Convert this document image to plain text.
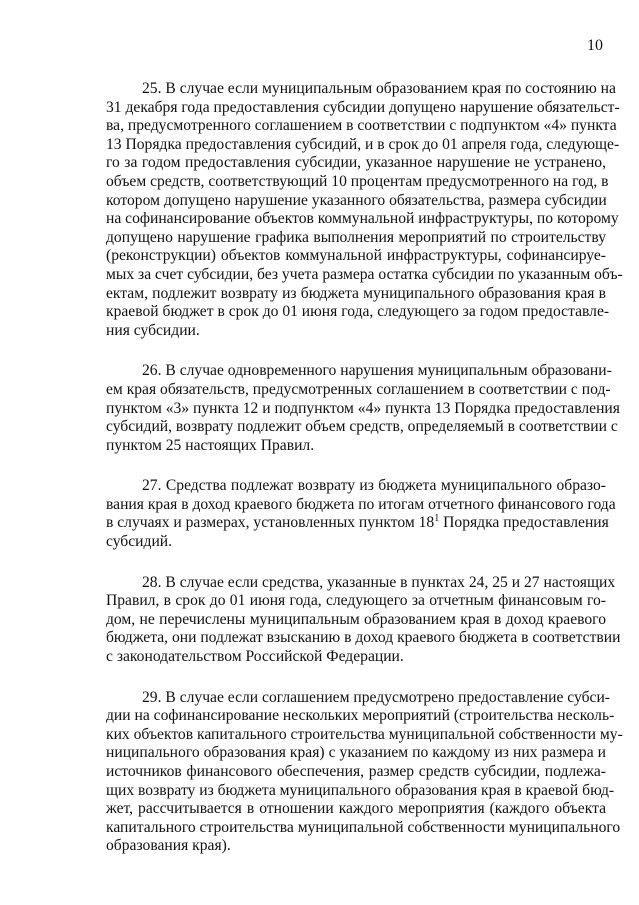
10

25. В случае если муниципальным образованием края по состоянию на
31 декабря года предоставления субсидии допущено нарушение обязательст-
ва, предусмотренного соглашением в соответствии с подпунктом «4» пункта
13 Порядка предоставления субсидий, и в срок до 01 апреля года, следующе-
го за годом предоставления субсидии, указанное нарушение не устранено,
объем средств, соответствующий 10 процентам предусмотренного на год, в
котором допущено нарушение указанного обязательства, размера субсидии
на софинансирование объектов коммунальной инфраструктуры, по которому
допущено нарушение графика выполнения мероприятий по строительству
(реконструкции) объектов коммунальной инфраструктуры, софинансируе-
мых за счет субсидии, без учета размера остатка субсидии по указанным объ-
ектам, подлежит возврату из бюджета муниципального образования края в
краевой бюджет в срок до 01 июня года, следующего за годом предоставле-
ния субсидии.

26. В случае одновременного нарушения муниципальным образовани-
ем края обязательств, предусмотренных соглашением в соответствии с под-
пунктом «3» пункта 12 и подпунктом «4» пункта 13 Порядка предоставления
субсидий, возврату подлежит объем средств, определяемый в соответствии с
пунктом 25 настоящих Правил.

27. Средства подлежат возврату из бюджета муниципального образо-
вания края в доход краевого бюджета по итогам отчетного финансового года
в случаях и размерах, установленных пунктом $18^1$ Порядка предоставления
субсидий.

28. В случае если средства, указанные в пунктах 24, 25 и 27 настоящих
Правил, в срок до 01 июня года, следующего за отчетным финансовым го-
дом, не перечислены муниципальным образованием края в доход краевого
бюджета, они подлежат взысканию в доход краевого бюджета в соответствии
с законодательством Российской Федерации.

29. В случае если соглашением предусмотрено предоставление субси-
дии на софинансирование нескольких мероприятий (строительства несколь-
ких объектов капитального строительства муниципальной собственности му-
ниципального образования края) с указанием по каждому из них размера и
источников финансового обеспечения, размер средств субсидии, подлежа-
щих возврату из бюджета муниципального образования края в краевой бюд-
жет, рассчитывается в отношении каждого мероприятия (каждого объекта
капитального строительства муниципальной собственности муниципального
образования края).
